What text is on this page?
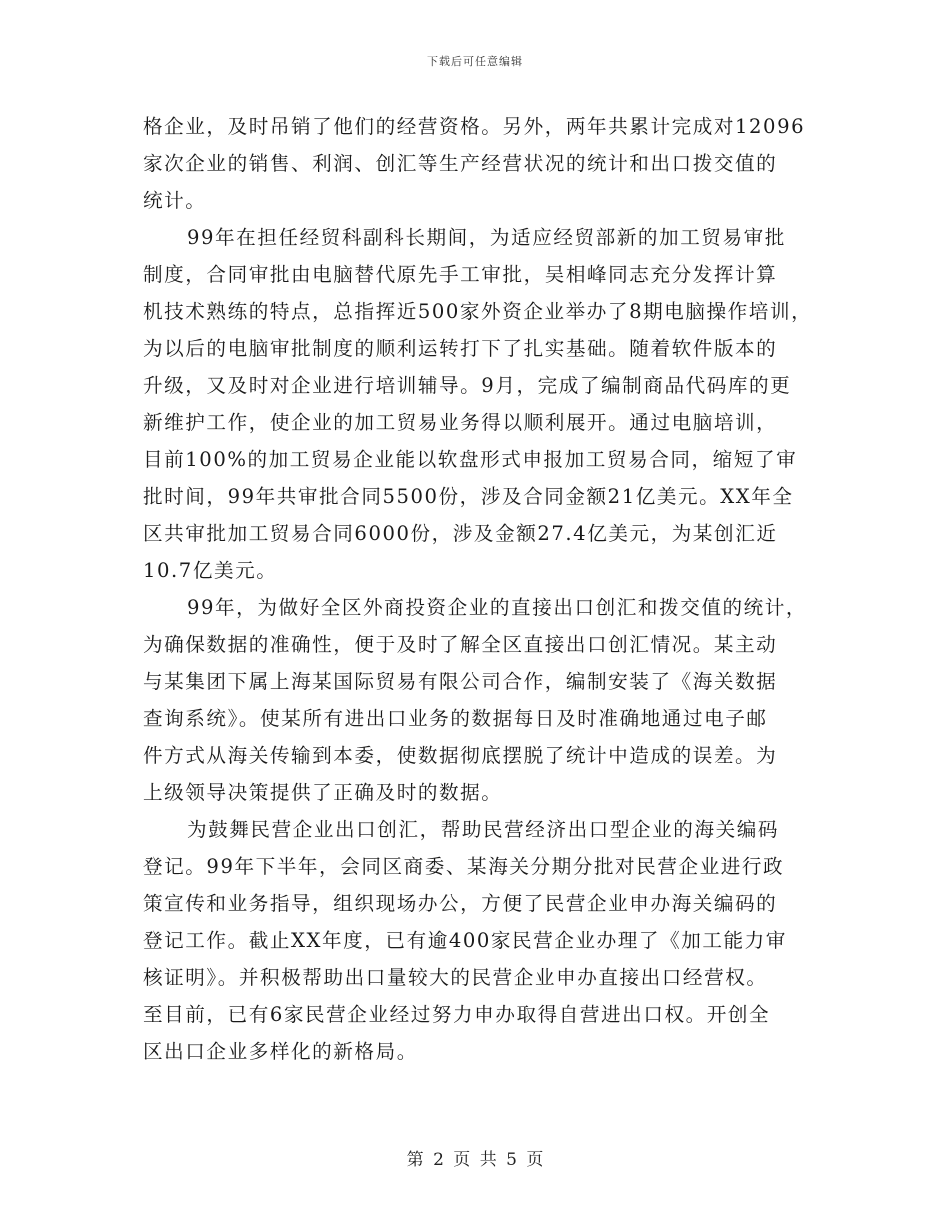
下载后可任意编辑
格企业，及时吊销了他们的经营资格。另外，两年共累计完成对12096
家次企业的销售、利润、创汇等生产经营状况的统计和出口拨交值的
统计。
99年在担任经贸科副科长期间，为适应经贸部新的加工贸易审批
制度，合同审批由电脑替代原先手工审批，吴相峰同志充分发挥计算
机技术熟练的特点，总指挥近500家外资企业举办了8期电脑操作培训，
为以后的电脑审批制度的顺利运转打下了扎实基础。随着软件版本的
升级，又及时对企业进行培训辅导。9月，完成了编制商品代码库的更
新维护工作，使企业的加工贸易业务得以顺利展开。通过电脑培训，
目前100%的加工贸易企业能以软盘形式申报加工贸易合同，缩短了审
批时间，99年共审批合同5500份，涉及合同金额21亿美元。XX年全
区共审批加工贸易合同6000份，涉及金额27.4亿美元，为某创汇近
10.7亿美元。
99年，为做好全区外商投资企业的直接出口创汇和拨交值的统计，
为确保数据的准确性，便于及时了解全区直接出口创汇情况。某主动
与某集团下属上海某国际贸易有限公司合作，编制安装了《海关数据
查询系统》。使某所有进出口业务的数据每日及时准确地通过电子邮
件方式从海关传输到本委，使数据彻底摆脱了统计中造成的误差。为
上级领导决策提供了正确及时的数据。
为鼓舞民营企业出口创汇，帮助民营经济出口型企业的海关编码
登记。99年下半年，会同区商委、某海关分期分批对民营企业进行政
策宣传和业务指导，组织现场办公，方便了民营企业申办海关编码的
登记工作。截止XX年度，已有逾400家民营企业办理了《加工能力审
核证明》。并积极帮助出口量较大的民营企业申办直接出口经营权。
至目前，已有6家民营企业经过努力申办取得自营进出口权。开创全
区出口企业多样化的新格局。
第 2 页 共 5 页
